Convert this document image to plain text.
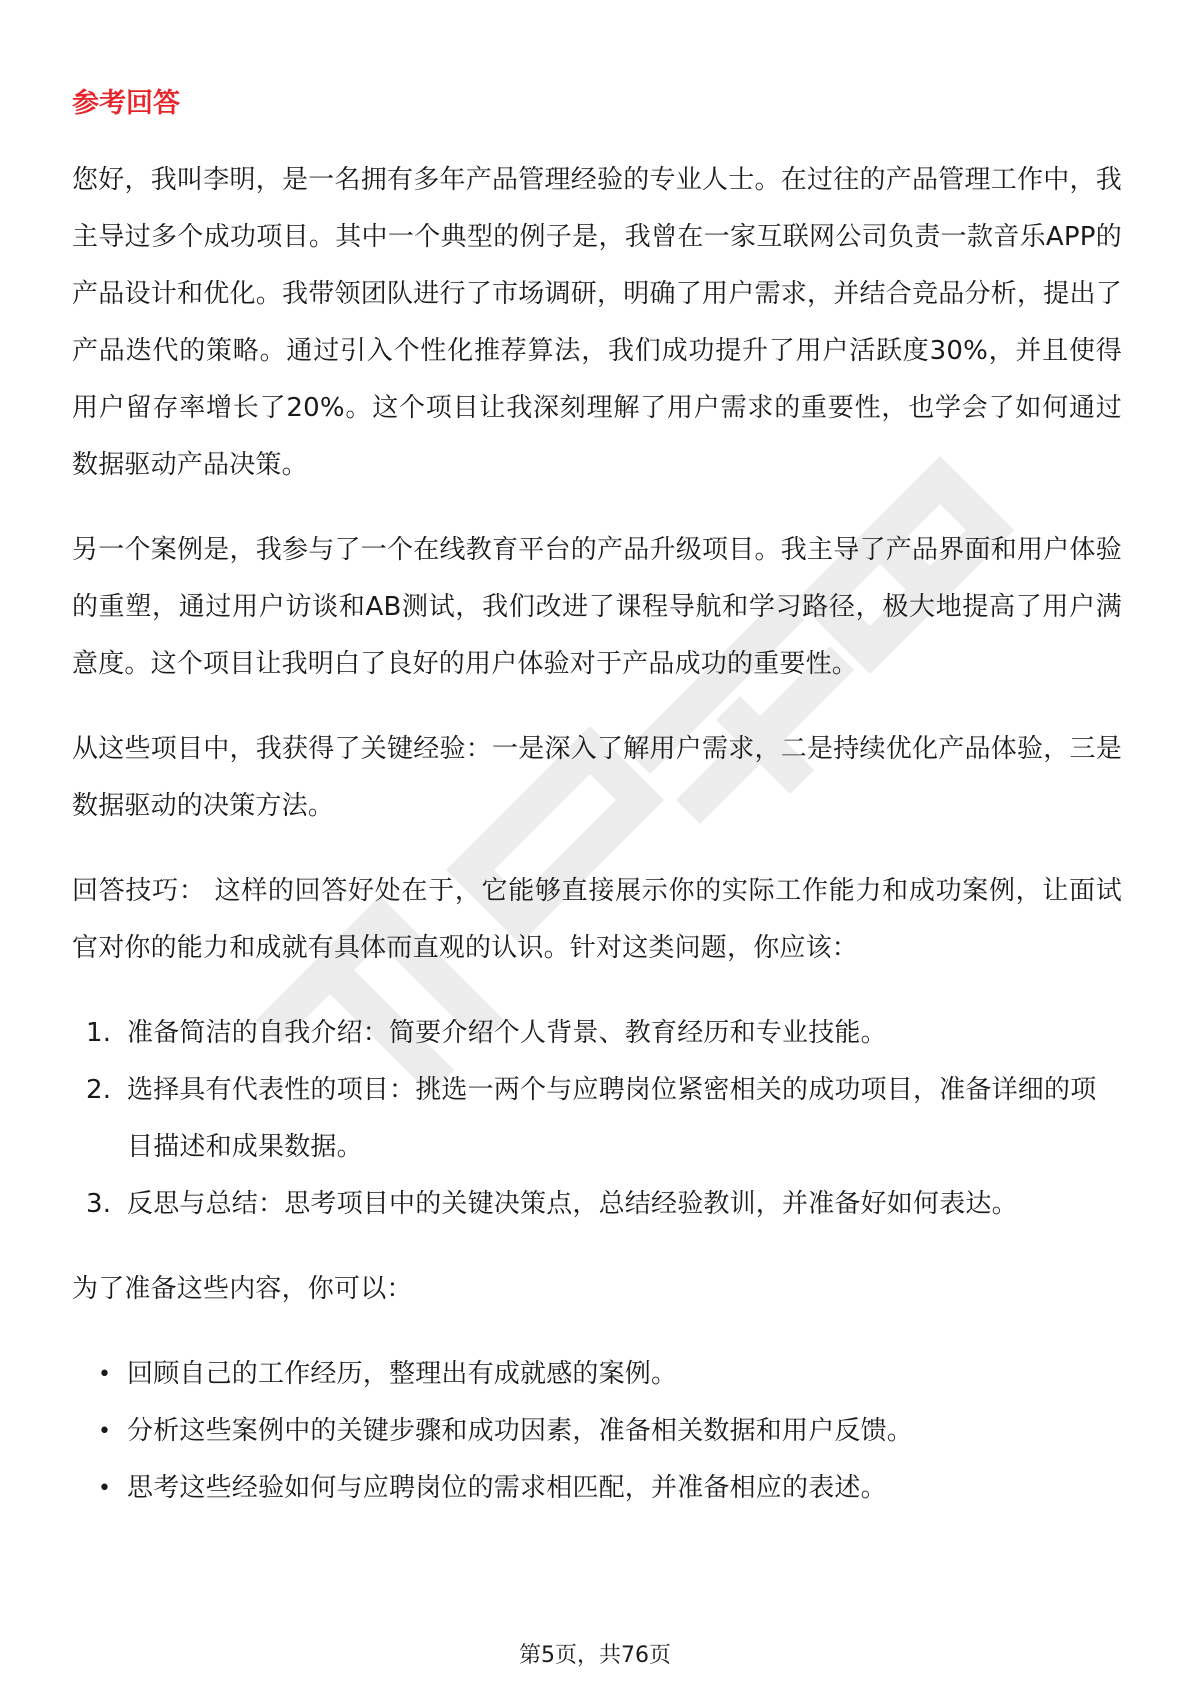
参考回答

您好，我叫李明，是一名拥有多年产品管理经验的专业人士。在过往的产品管理工作中，我主导过多个成功项目。其中一个典型的例子是，我曾在一家互联网公司负责一款音乐APP的产品设计和优化。我带领团队进行了市场调研，明确了用户需求，并结合竞品分析，提出了产品迭代的策略。通过引入个性化推荐算法，我们成功提升了用户活跃度30%，并且使得用户留存率增长了20%。这个项目让我深刻理解了用户需求的重要性，也学会了如何通过数据驱动产品决策。

另一个案例是，我参与了一个在线教育平台的产品升级项目。我主导了产品界面和用户体验的重塑，通过用户访谈和AB测试，我们改进了课程导航和学习路径，极大地提高了用户满意度。这个项目让我明白了良好的用户体验对于产品成功的重要性。

从这些项目中，我获得了关键经验：一是深入了解用户需求，二是持续优化产品体验，三是数据驱动的决策方法。

回答技巧： 这样的回答好处在于，它能够直接展示你的实际工作能力和成功案例，让面试官对你的能力和成就有具体而直观的认识。针对这类问题，你应该：

1. 准备简洁的自我介绍：简要介绍个人背景、教育经历和专业技能。
2. 选择具有代表性的项目：挑选一两个与应聘岗位紧密相关的成功项目，准备详细的项目描述和成果数据。
3. 反思与总结：思考项目中的关键决策点，总结经验教训，并准备好如何表达。

为了准备这些内容，你可以：

• 回顾自己的工作经历，整理出有成就感的案例。
• 分析这些案例中的关键步骤和成功因素，准备相关数据和用户反馈。
• 思考这些经验如何与应聘岗位的需求相匹配，并准备相应的表述。
第5页，共76页
